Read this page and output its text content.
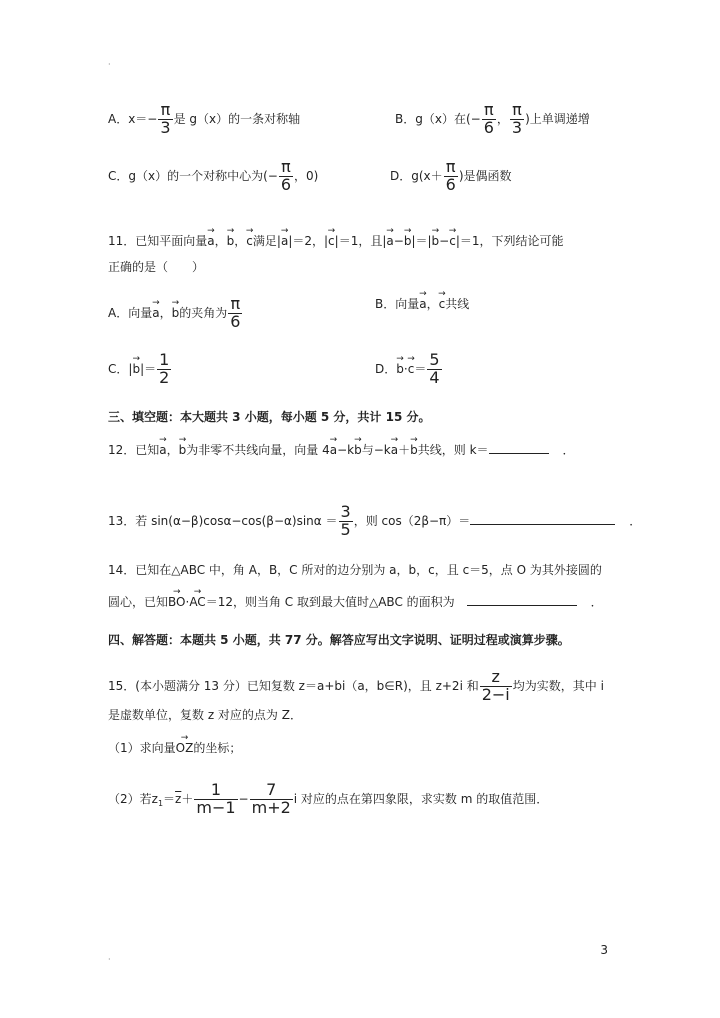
·
A．$x=- \frac{\pi}{3}$ 是 g（x）的一条对称轴	B．g（x）在(− $\frac{\pi}{6}$ ， $\frac{\pi}{3}$ )上单调递增
C．g（x）的一个对称中心为(− $\frac{\pi}{6}$ ，0)	D．$g(x+ \frac{\pi}{6}$ )是偶函数
11．已知平面向量→ a，→ b，→ c满足|→ a|＝2，|→ c|＝1，且|→ a−→ b|＝|→ b−→ c|＝1，下列结论可能
正确的是（　　）
A．向量→ a，→ b的夹角为 $\frac{\pi}{6}$	B．向量→ a，→ c共线
C．|→ $b|= \frac{1}{2}$	D．→ $b\cdot\to c= \frac{5}{4}$
三、填空题：本大题共 3 小题，每小题 5 分，共计 15 分。
12．已知→ a，→ b为非零不共线向量，向量 4→ a−k→ b与−k→ a＋→ b共线，则 k＝	．
13．若 $\sin(\alpha-\beta)\cos\alpha-\cos(\beta-\alpha)\sin\alpha = \frac{3}{5}$ ，则 cos（2β−π）＝	．
14．已知在△ABC 中，角 A，B，C 所对的边分别为 a，b，c，且 c＝5，点 O 为其外接圆的
圆心，已知→ BO·→ AC＝12，则当角 C 取到最大值时△ABC 的面积为	．
四、解答题：本题共 5 小题，共 77 分。解答应写出文字说明、证明过程或演算步骤。
15．(本小题满分 13 分）已知复数 z＝a+bi（a，b∈R)，且 z+2i 和 $\frac{z}{2-i}$ 均为实数，其中 i
是虚数单位，复数 z 对应的点为 Z．
（1）求向量→ OZ的坐标；
（2）若$z_1=\overline{z}+ \frac{1}{m-1} - \frac{7}{m+2}$ i 对应的点在第四象限，求实数 m 的取值范围．
·
3
